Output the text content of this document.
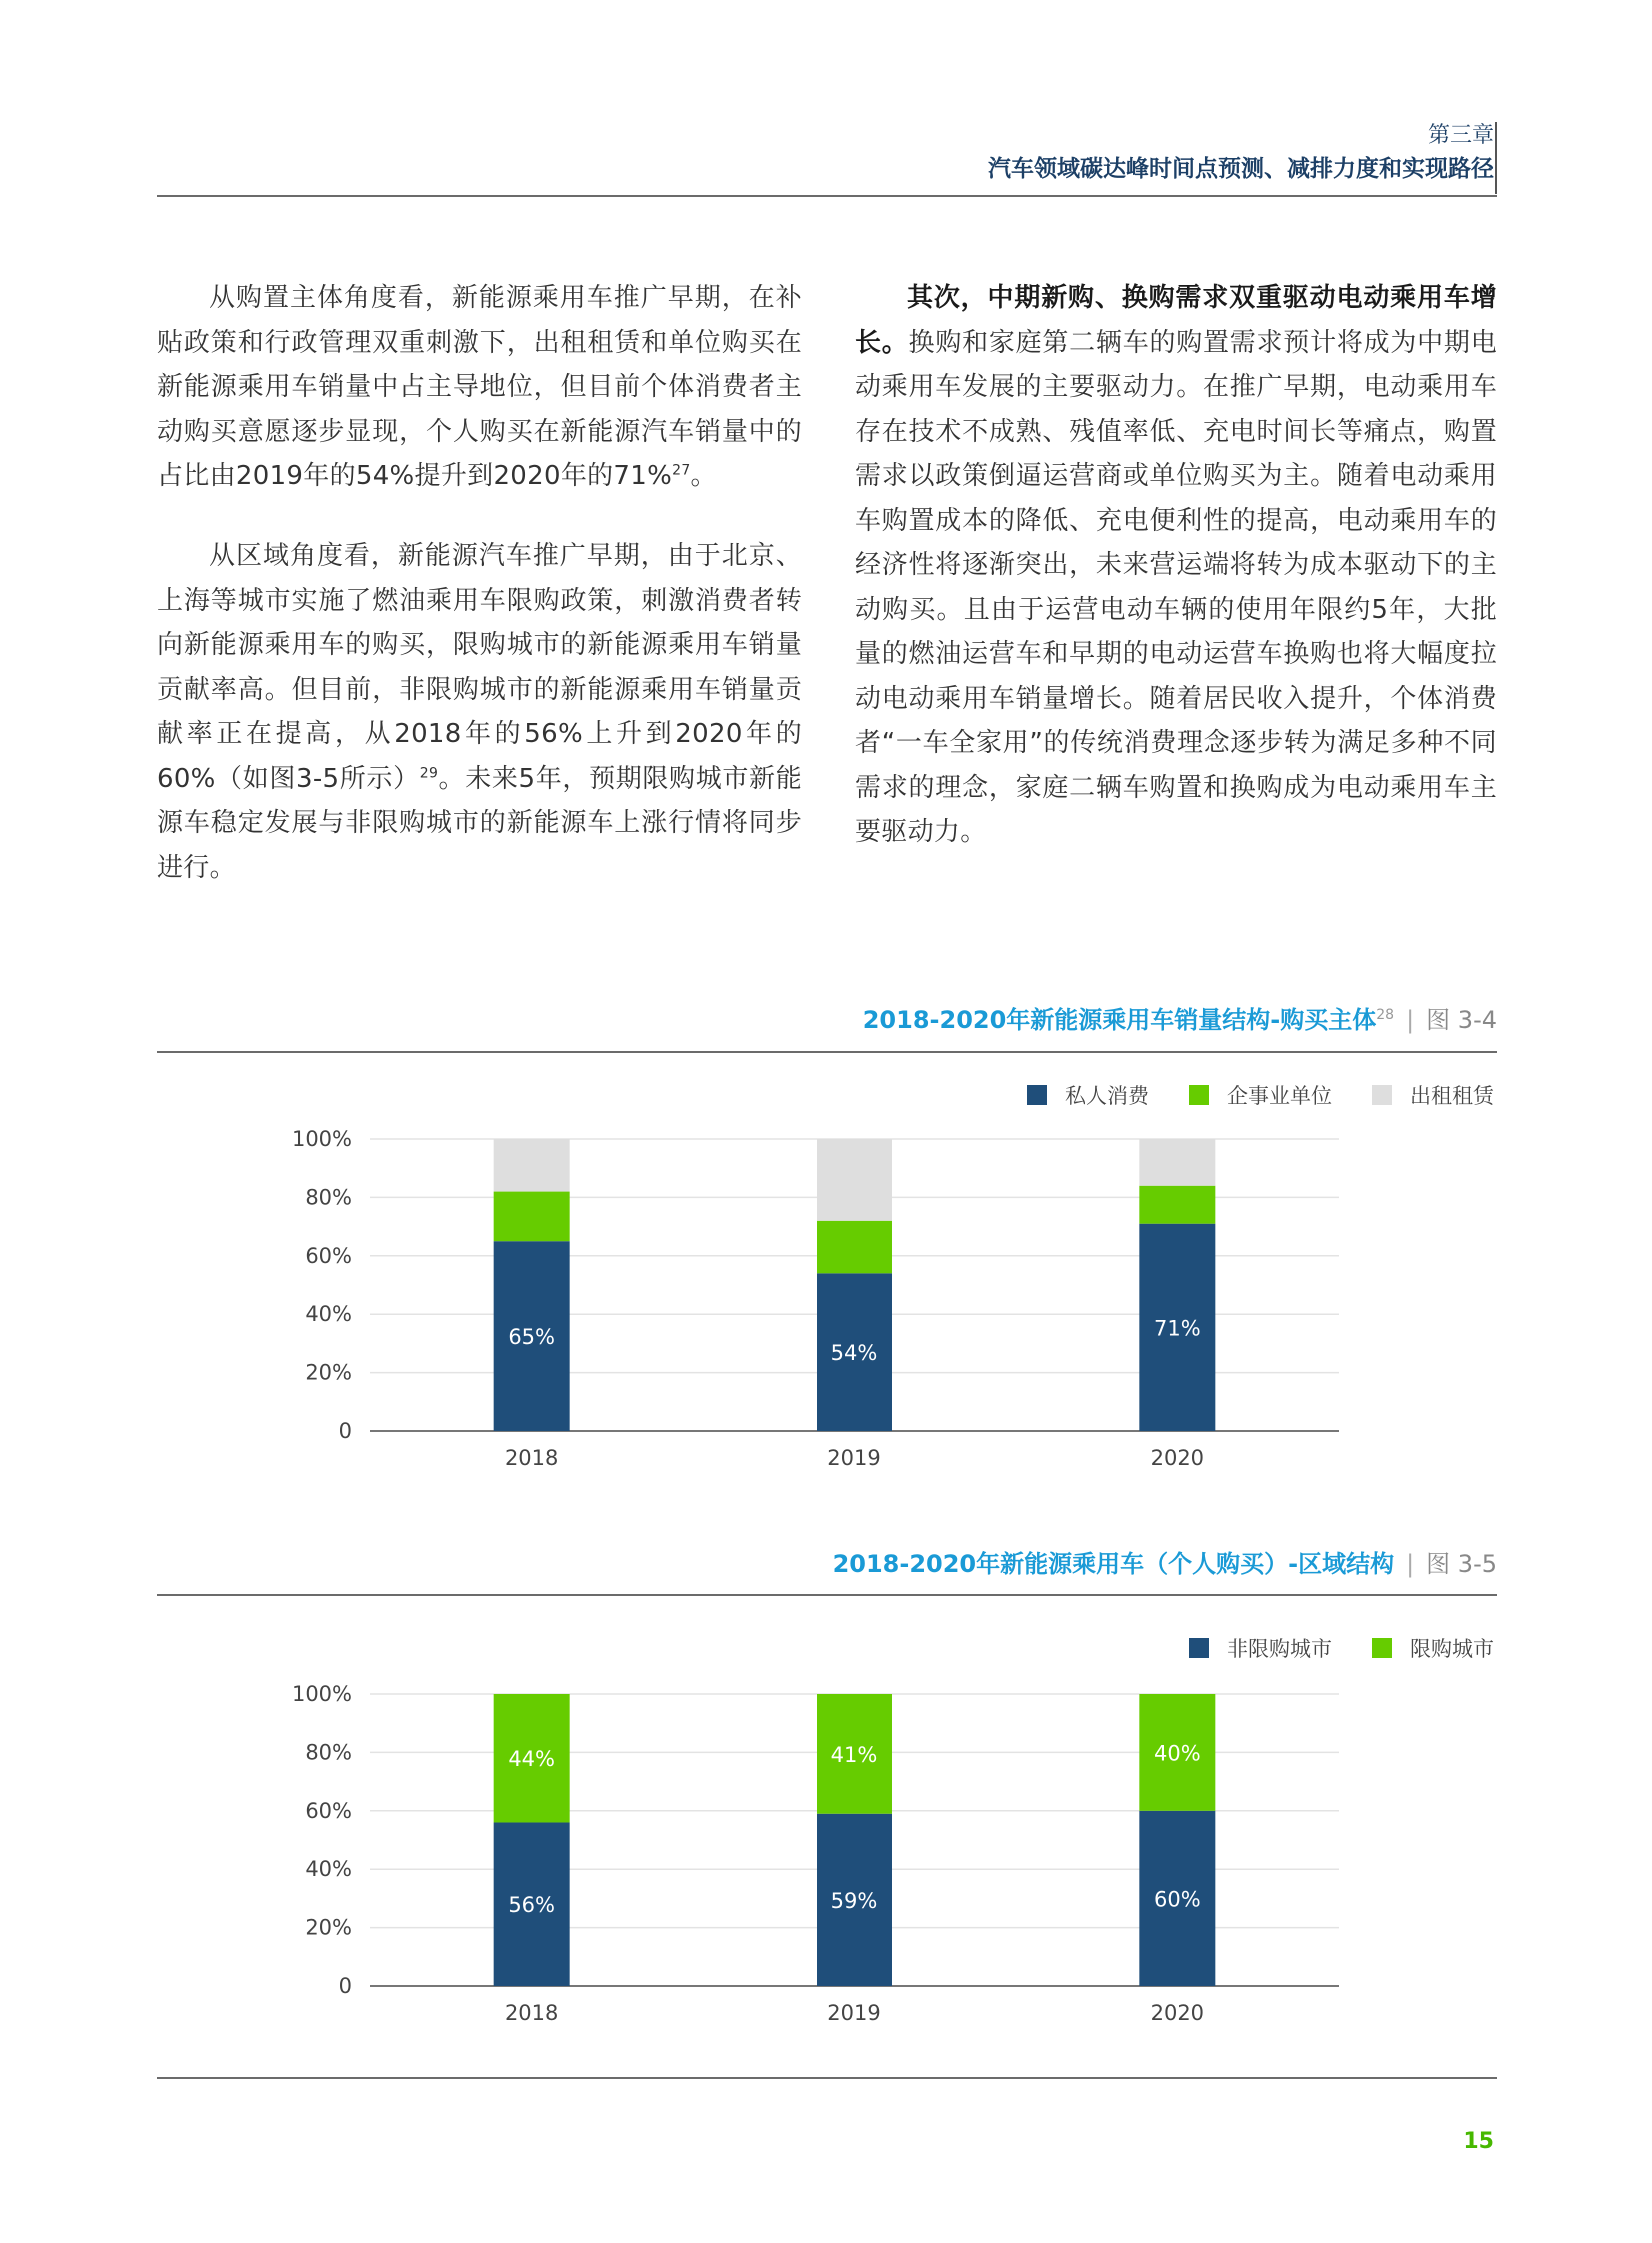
第三章
汽车领域碳达峰时间点预测、减排力度和实现路径
从购置主体角度看，新能源乘用车推广早期，在补贴政策和行政管理双重刺激下，出租租赁和单位购买在新能源乘用车销量中占主导地位，但目前个体消费者主动购买意愿逐步显现，个人购买在新能源汽车销量中的占比由2019年的54%提升到2020年的71%$^{27}$。
从区域角度看，新能源汽车推广早期，由于北京、上海等城市实施了燃油乘用车限购政策，刺激消费者转向新能源乘用车的购买，限购城市的新能源乘用车销量贡献率高。但目前，非限购城市的新能源乘用车销量贡献率正在提高，从2018年的56%上升到2020年的60%（如图3-5所示）$^{29}$。未来5年，预期限购城市新能源车稳定发展与非限购城市的新能源车上涨行情将同步进行。
其次，中期新购、换购需求双重驱动电动乘用车增长。换购和家庭第二辆车的购置需求预计将成为中期电动乘用车发展的主要驱动力。在推广早期，电动乘用车存在技术不成熟、残值率低、充电时间长等痛点，购置需求以政策倒逼运营商或单位购买为主。随着电动乘用车购置成本的降低、充电便利性的提高，电动乘用车的经济性将逐渐突出，未来营运端将转为成本驱动下的主动购买。且由于运营电动车辆的使用年限约5年，大批量的燃油运营车和早期的电动运营车换购也将大幅度拉动电动乘用车销量增长。随着居民收入提升，个体消费者“一车全家用”的传统消费理念逐步转为满足多种不同需求的理念，家庭二辆车购置和换购成为电动乘用车主要驱动力。
2018-2020年新能源乘用车销量结构-购买主体$^{28}$ | 图 3-4
私人消费	企事业单位	出租租赁
0
20%
40%
60%
80%
100%
65%
2018
54%
2019
71%
2020
2018-2020年新能源乘用车（个人购买）-区域结构 | 图 3-5
非限购城市	限购城市
0
20%
40%
60%
80%
100%
56%
44%
2018
59%
41%
2019
60%
40%
2020
15
